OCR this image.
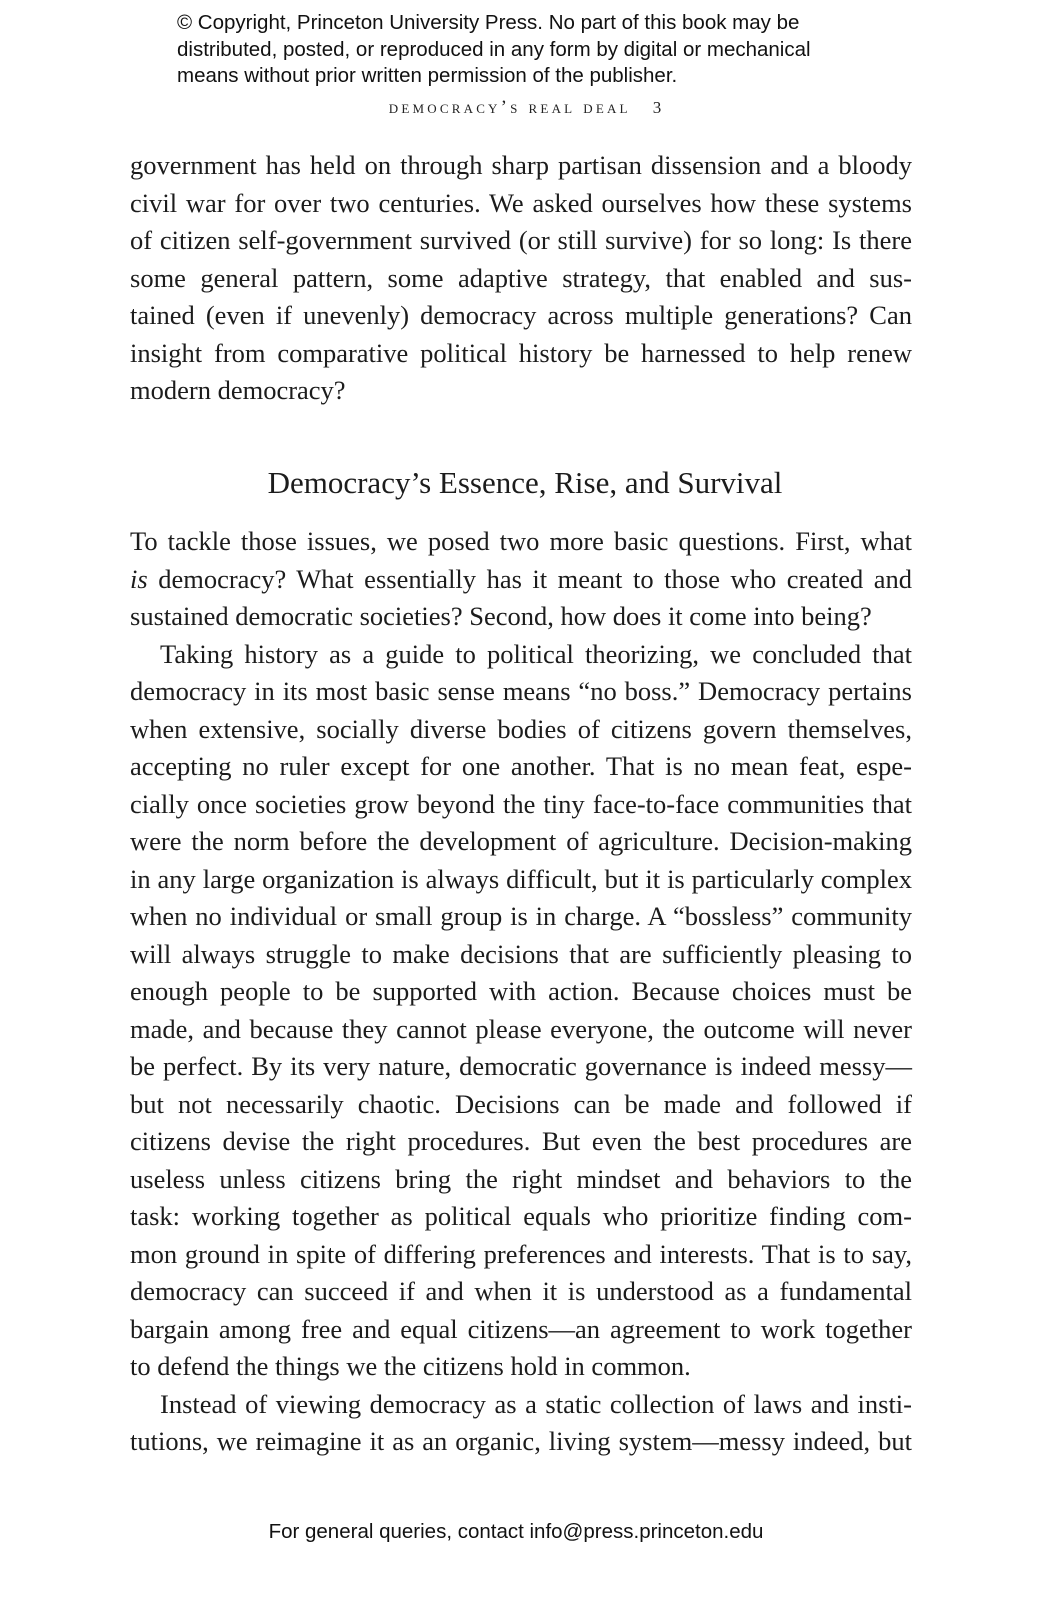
© Copyright, Princeton University Press. No part of this book may be
distributed, posted, or reproduced in any form by digital or mechanical
means without prior written permission of the publisher.
democracy’s real deal 3
government has held on through sharp partisan dissension and a bloody
civil war for over two centuries. We asked ourselves how these systems
of citizen self-government survived (or still survive) for so long: Is there
some general pattern, some adaptive strategy, that enabled and sus-
tained (even if unevenly) democracy across multiple generations? Can
insight from comparative political history be harnessed to help renew
modern democracy?
Democracy’s Essence, Rise, and Survival
To tackle those issues, we posed two more basic questions. First, what
is democracy? What essentially has it meant to those who created and
sustained democratic societies? Second, how does it come into being?
Taking history as a guide to political theorizing, we concluded that
democracy in its most basic sense means “no boss.” Democracy pertains
when extensive, socially diverse bodies of citizens govern themselves,
accepting no ruler except for one another. That is no mean feat, espe-
cially once societies grow beyond the tiny face-to-face communities that
were the norm before the development of agriculture. Decision-making
in any large organization is always difficult, but it is particularly complex
when no individual or small group is in charge. A “bossless” community
will always struggle to make decisions that are sufficiently pleasing to
enough people to be supported with action. Because choices must be
made, and because they cannot please everyone, the outcome will never
be perfect. By its very nature, democratic governance is indeed messy—
but not necessarily chaotic. Decisions can be made and followed if
citizens devise the right procedures. But even the best procedures are
useless unless citizens bring the right mindset and behaviors to the
task: working together as political equals who prioritize finding com-
mon ground in spite of differing preferences and interests. That is to say,
democracy can succeed if and when it is understood as a fundamental
bargain among free and equal citizens—an agreement to work together
to defend the things we the citizens hold in common.
Instead of viewing democracy as a static collection of laws and insti-
tutions, we reimagine it as an organic, living system—messy indeed, but
For general queries, contact info@press.princeton.edu
